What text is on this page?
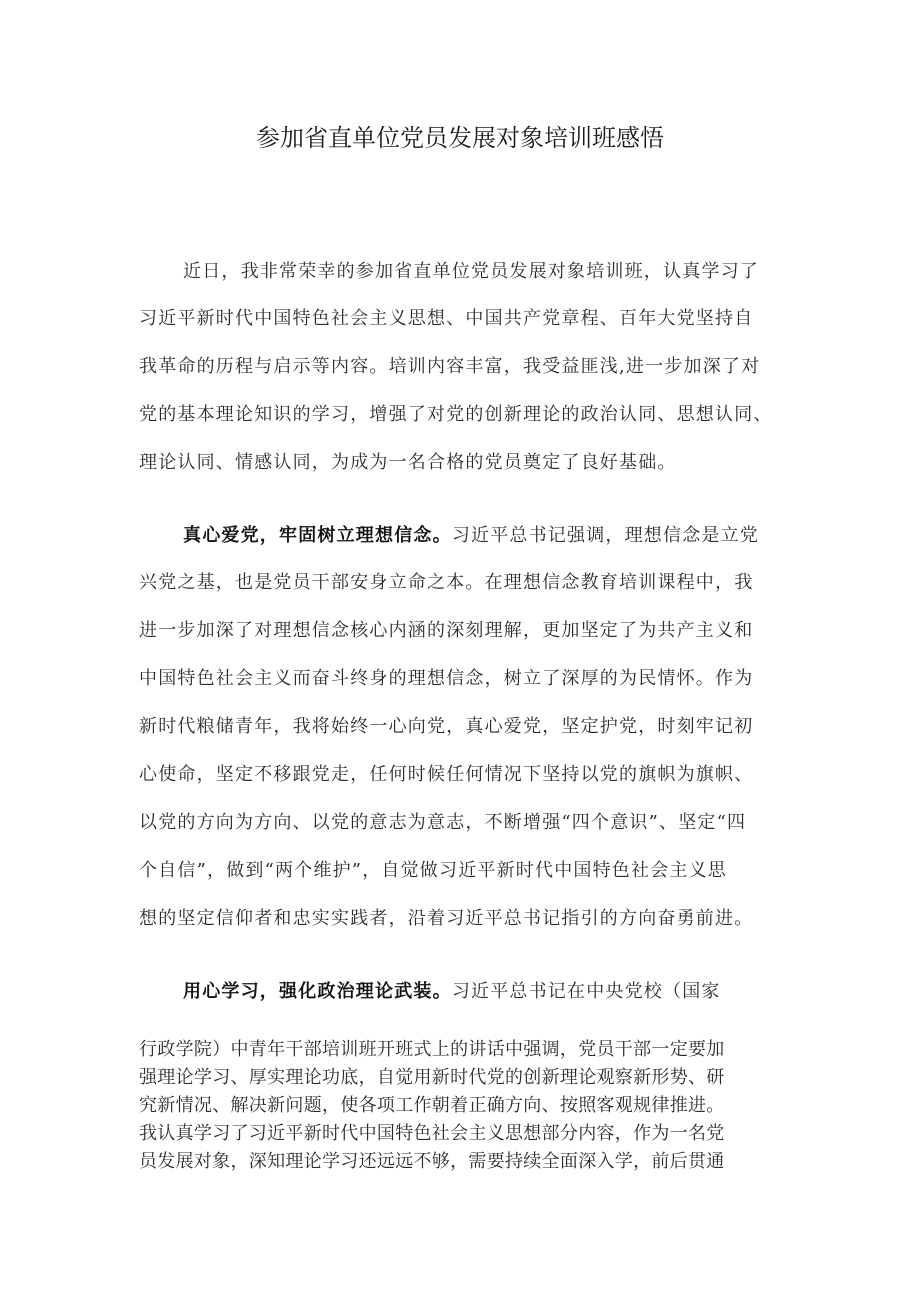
参加省直单位党员发展对象培训班感悟
近日，我非常荣幸的参加省直单位党员发展对象培训班，认真学习了
习近平新时代中国特色社会主义思想、中国共产党章程、百年大党坚持自
我革命的历程与启示等内容。培训内容丰富，我受益匪浅,进一步加深了对
党的基本理论知识的学习，增强了对党的创新理论的政治认同、思想认同、
理论认同、情感认同，为成为一名合格的党员奠定了良好基础。
真心爱党，牢固树立理想信念。习近平总书记强调，理想信念是立党
兴党之基，也是党员干部安身立命之本。在理想信念教育培训课程中，我
进一步加深了对理想信念核心内涵的深刻理解，更加坚定了为共产主义和
中国特色社会主义而奋斗终身的理想信念，树立了深厚的为民情怀。作为
新时代粮储青年，我将始终一心向党，真心爱党，坚定护党，时刻牢记初
心使命，坚定不移跟党走，任何时候任何情况下坚持以党的旗帜为旗帜、
以党的方向为方向、以党的意志为意志，不断增强“四个意识”、坚定“四
个自信”，做到“两个维护”，自觉做习近平新时代中国特色社会主义思
想的坚定信仰者和忠实实践者，沿着习近平总书记指引的方向奋勇前进。
用心学习，强化政治理论武装。习近平总书记在中央党校（国家
行政学院）中青年干部培训班开班式上的讲话中强调，党员干部一定要加
强理论学习、厚实理论功底，自觉用新时代党的创新理论观察新形势、研
究新情况、解决新问题，使各项工作朝着正确方向、按照客观规律推进。
我认真学习了习近平新时代中国特色社会主义思想部分内容，作为一名党
员发展对象，深知理论学习还远远不够，需要持续全面深入学，前后贯通
